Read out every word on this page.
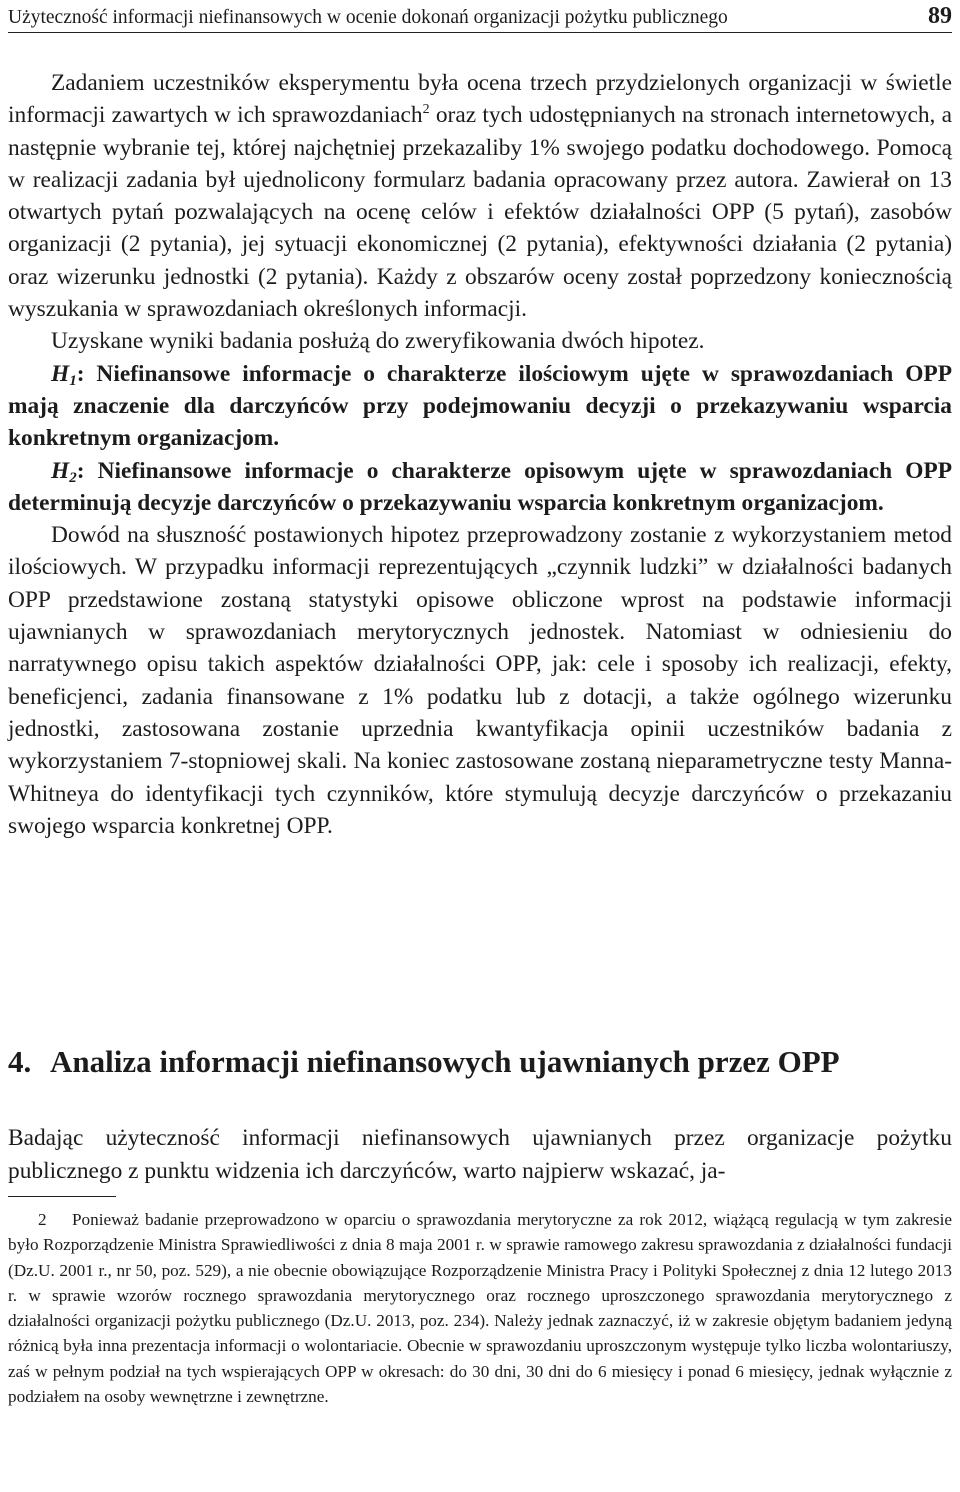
Użyteczność informacji niefinansowych w ocenie dokonań organizacji pożytku publicznego	89

Zadaniem uczestników eksperymentu była ocena trzech przydzielonych organizacji w świetle informacji zawartych w ich sprawozdaniach$^2$ oraz tych udostępnianych na stronach internetowych, a następnie wybranie tej, której najchętniej przekazaliby 1% swojego podatku dochodowego. Pomocą w realizacji zadania był ujednolicony formularz badania opracowany przez autora. Zawierał on 13 otwartych pytań pozwalających na ocenę celów i efektów działalności OPP (5 pytań), zasobów organizacji (2 pytania), jej sytuacji ekonomicznej (2 pytania), efektywności działania (2 pytania) oraz wizerunku jednostki (2 pytania). Każdy z obszarów oceny został poprzedzony koniecznością wyszukania w sprawozdaniach określonych informacji.

Uzyskane wyniki badania posłużą do zweryfikowania dwóch hipotez.

$H_1$: Niefinansowe informacje o charakterze ilościowym ujęte w sprawozdaniach OPP mają znaczenie dla darczyńców przy podejmowaniu decyzji o przekazywaniu wsparcia konkretnym organizacjom.

$H_2$: Niefinansowe informacje o charakterze opisowym ujęte w sprawozdaniach OPP determinują decyzje darczyńców o przekazywaniu wsparcia konkretnym organizacjom.

Dowód na słuszność postawionych hipotez przeprowadzony zostanie z wykorzystaniem metod ilościowych. W przypadku informacji reprezentujących „czynnik ludzki” w działalności badanych OPP przedstawione zostaną statystyki opisowe obliczone wprost na podstawie informacji ujawnianych w sprawozdaniach merytorycznych jednostek. Natomiast w odniesieniu do narratywnego opisu takich aspektów działalności OPP, jak: cele i sposoby ich realizacji, efekty, beneficjenci, zadania finansowane z 1% podatku lub z dotacji, a także ogólnego wizerunku jednostki, zastosowana zostanie uprzednia kwantyfikacja opinii uczestników badania z wykorzystaniem 7-stopniowej skali. Na koniec zastosowane zostaną nieparametryczne testy Manna-Whitneya do identyfikacji tych czynników, które stymulują decyzje darczyńców o przekazaniu swojego wsparcia konkretnej OPP.

4. Analiza informacji niefinansowych ujawnianych przez OPP

Badając użyteczność informacji niefinansowych ujawnianych przez organizacje pożytku publicznego z punktu widzenia ich darczyńców, warto najpierw wskazać, ja-

2 Ponieważ badanie przeprowadzono w oparciu o sprawozdania merytoryczne za rok 2012, wiążącą regulacją w tym zakresie było Rozporządzenie Ministra Sprawiedliwości z dnia 8 maja 2001 r. w sprawie ramowego zakresu sprawozdania z działalności fundacji (Dz.U. 2001 r., nr 50, poz. 529), a nie obecnie obowiązujące Rozporządzenie Ministra Pracy i Polityki Społecznej z dnia 12 lutego 2013 r. w sprawie wzorów rocznego sprawozdania merytorycznego oraz rocznego uproszczonego sprawozdania merytorycznego z działalności organizacji pożytku publicznego (Dz.U. 2013, poz. 234). Należy jednak zaznaczyć, iż w zakresie objętym badaniem jedyną różnicą była inna prezentacja informacji o wolontariacie. Obecnie w sprawozdaniu uproszczonym występuje tylko liczba wolontariuszy, zaś w pełnym podział na tych wspierających OPP w okresach: do 30 dni, 30 dni do 6 miesięcy i ponad 6 miesięcy, jednak wyłącznie z podziałem na osoby wewnętrzne i zewnętrzne.
